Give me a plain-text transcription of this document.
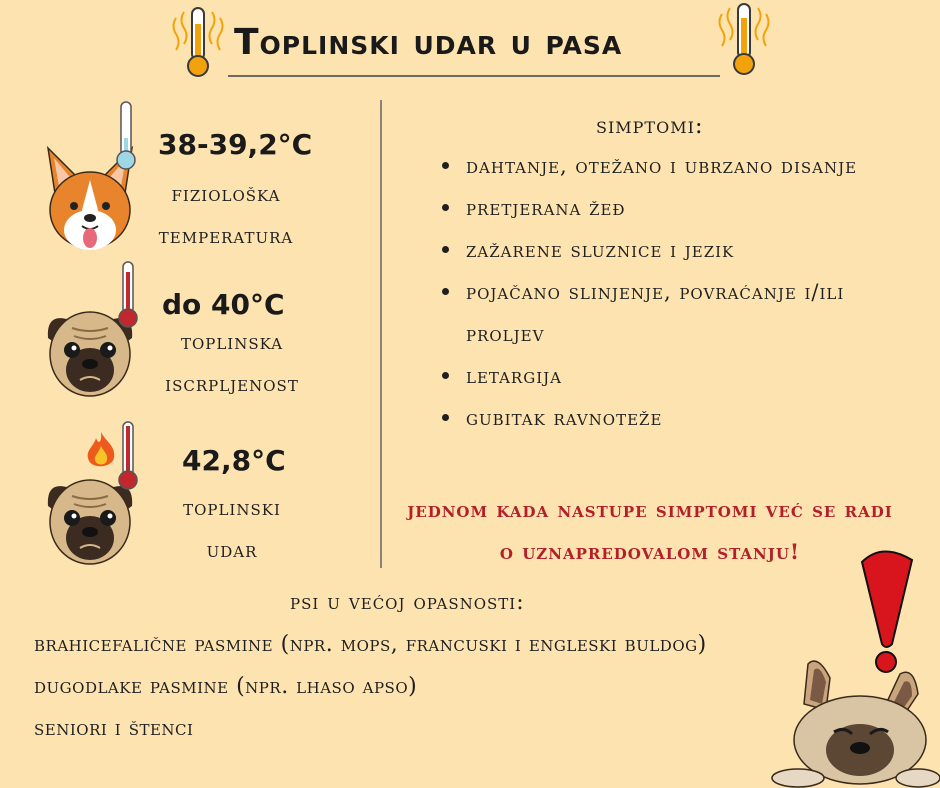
Toplinski udar u pasa
38-39,2°C
fiziološka
temperatura
do 40°C
toplinska
iscrpljenost
42,8°C
toplinski
udar
simptomi:
dahtanje, otežano i ubrzano disanje
pretjerana žeđ
zažarene sluznice i jezik
pojačano slinjenje, povraćanje i/ili proljev
letargija
gubitak ravnoteže
jednom kada nastupe simptomi već se radi o uznapredovalom stanju!
psi u većoj opasnosti:
brahicefalične pasmine (npr. mops, francuski i engleski buldog)
dugodlake pasmine (npr. lhaso apso)
seniori i štenci
